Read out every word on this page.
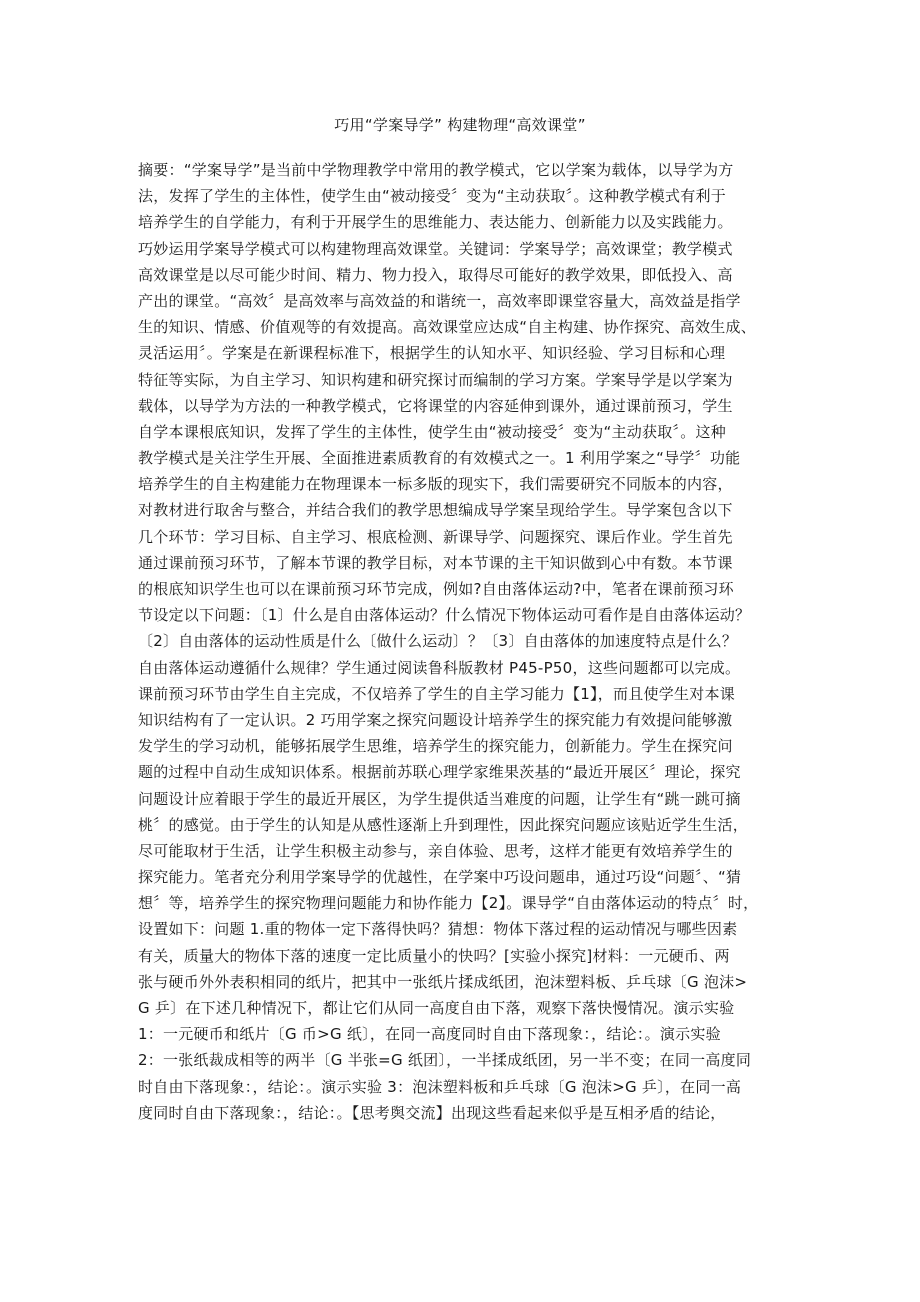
巧用“学案导学” 构建物理“高效课堂”
摘要：“学案导学”是当前中学物理教学中常用的教学模式，它以学案为载体，以导学为方
法，发挥了学生的主体性，使学生由“被动接受〞变为“主动获取〞。这种教学模式有利于
培养学生的自学能力，有利于开展学生的思维能力、表达能力、创新能力以及实践能力。
巧妙运用学案导学模式可以构建物理高效课堂。关键词：学案导学；高效课堂；教学模式
高效课堂是以尽可能少时间、精力、物力投入，取得尽可能好的教学效果，即低投入、高
产出的课堂。“高效〞是高效率与高效益的和谐统一，高效率即课堂容量大，高效益是指学
生的知识、情感、价值观等的有效提高。高效课堂应达成“自主构建、协作探究、高效生成、
灵活运用〞。学案是在新课程标准下，根据学生的认知水平、知识经验、学习目标和心理
特征等实际，为自主学习、知识构建和研究探讨而编制的学习方案。学案导学是以学案为
载体，以导学为方法的一种教学模式，它将课堂的内容延伸到课外，通过课前预习，学生
自学本课根底知识，发挥了学生的主体性，使学生由“被动接受〞变为“主动获取〞。这种
教学模式是关注学生开展、全面推进素质教育的有效模式之一。1 利用学案之“导学〞功能
培养学生的自主构建能力在物理课本一标多版的现实下，我们需要研究不同版本的内容，
对教材进行取舍与整合，并结合我们的教学思想编成导学案呈现给学生。导学案包含以下
几个环节：学习目标、自主学习、根底检测、新课导学、问题探究、课后作业。学生首先
通过课前预习环节，了解本节课的教学目标，对本节课的主干知识做到心中有数。本节课
的根底知识学生也可以在课前预习环节完成，例如?自由落体运动?中，笔者在课前预习环
节设定以下问题：〔1〕什么是自由落体运动？什么情况下物体运动可看作是自由落体运动？
〔2〕自由落体的运动性质是什么〔做什么运动〕？〔3〕自由落体的加速度特点是什么？
自由落体运动遵循什么规律？学生通过阅读鲁科版教材 P45-P50，这些问题都可以完成。
课前预习环节由学生自主完成，不仅培养了学生的自主学习能力【1】，而且使学生对本课
知识结构有了一定认识。2 巧用学案之探究问题设计培养学生的探究能力有效提问能够激
发学生的学习动机，能够拓展学生思维，培养学生的探究能力，创新能力。学生在探究问
题的过程中自动生成知识体系。根据前苏联心理学家维果茨基的“最近开展区〞理论，探究
问题设计应着眼于学生的最近开展区，为学生提供适当难度的问题，让学生有“跳一跳可摘
桃〞的感觉。由于学生的认知是从感性逐渐上升到理性，因此探究问题应该贴近学生生活，
尽可能取材于生活，让学生积极主动参与，亲自体验、思考，这样才能更有效培养学生的
探究能力。笔者充分利用学案导学的优越性，在学案中巧设问题串，通过巧设“问题〞、“猜
想〞等，培养学生的探究物理问题能力和协作能力【2】。课导学“自由落体运动的特点〞时，
设置如下：问题 1.重的物体一定下落得快吗？猜想：物体下落过程的运动情况与哪些因素
有关，质量大的物体下落的速度一定比质量小的快吗？[实验小探究]材料：一元硬币、两
张与硬币外外表积相同的纸片，把其中一张纸片揉成纸团，泡沫塑料板、乒乓球〔G 泡沫>
G 乒〕在下述几种情况下，都让它们从同一高度自由下落，观察下落快慢情况。演示实验
1：一元硬币和纸片〔G 币>G 纸〕，在同一高度同时自由下落现象：，结论：。演示实验
2：一张纸裁成相等的两半〔G 半张=G 纸团〕，一半揉成纸团，另一半不变；在同一高度同
时自由下落现象：，结论：。演示实验 3：泡沫塑料板和乒乓球〔G 泡沫>G 乒〕，在同一高
度同时自由下落现象：，结论：。【思考舆交流】出现这些看起来似乎是互相矛盾的结论，
